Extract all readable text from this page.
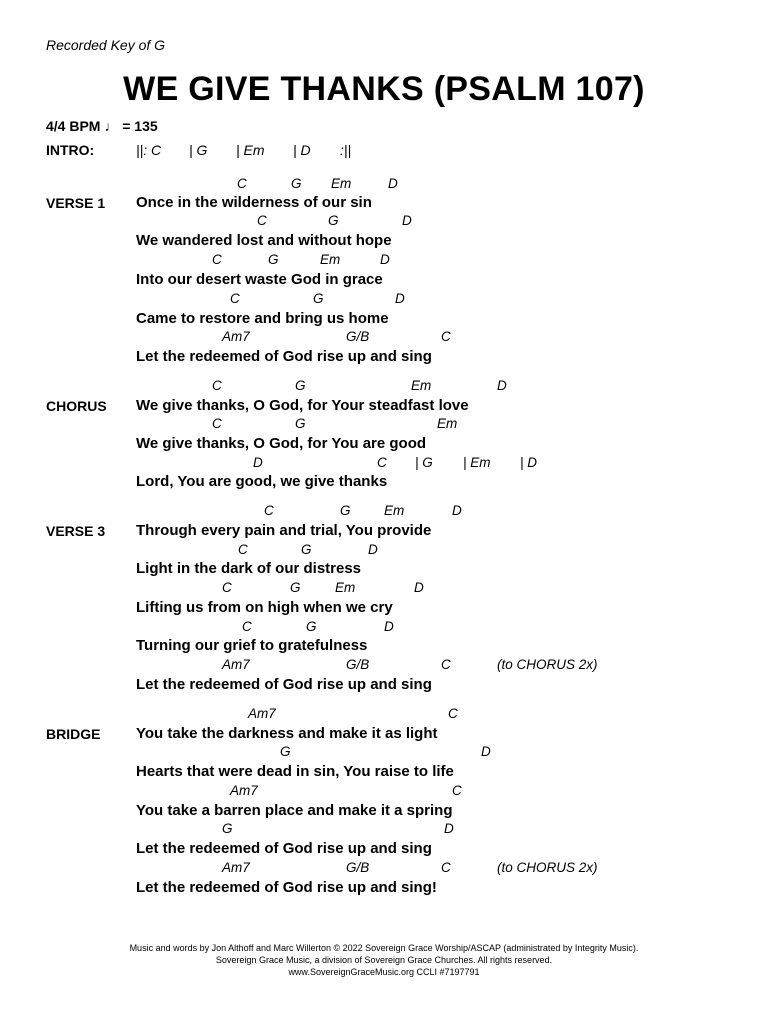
Recorded Key of G
WE GIVE THANKS (PSALM 107)
4/4 BPM ♩ = 135
INTRO:	||: C | G | Em | D :||
VERSE 1
C	G Em	D
Once in the wilderness of our sin
C	G	D
We wandered lost and without hope
C	G	Em	D
Into our desert waste God in grace
C	G	D
Came to restore and bring us home
Am7	G/B	C
Let the redeemed of God rise up and sing
CHORUS
C	G	Em	D
We give thanks, O God, for Your steadfast love
C	G	Em
We give thanks, O God, for You are good
D	C | G | Em | D
Lord, You are good, we give thanks
VERSE 3
C	G Em	D
Through every pain and trial, You provide
C	G	D
Light in the dark of our distress
C	G	Em	D
Lifting us from on high when we cry
C	G	D
Turning our grief to gratefulness
Am7	G/B	C	(to CHORUS 2x)
Let the redeemed of God rise up and sing
BRIDGE
Am7	C
You take the darkness and make it as light
G	D
Hearts that were dead in sin, You raise to life
Am7	C
You take a barren place and make it a spring
G	D
Let the redeemed of God rise up and sing
Am7	G/B	C	(to CHORUS 2x)
Let the redeemed of God rise up and sing!
Music and words by Jon Althoff and Marc Willerton © 2022 Sovereign Grace Worship/ASCAP (administrated by Integrity Music).
Sovereign Grace Music, a division of Sovereign Grace Churches. All rights reserved.
www.SovereignGraceMusic.org CCLI #7197791
